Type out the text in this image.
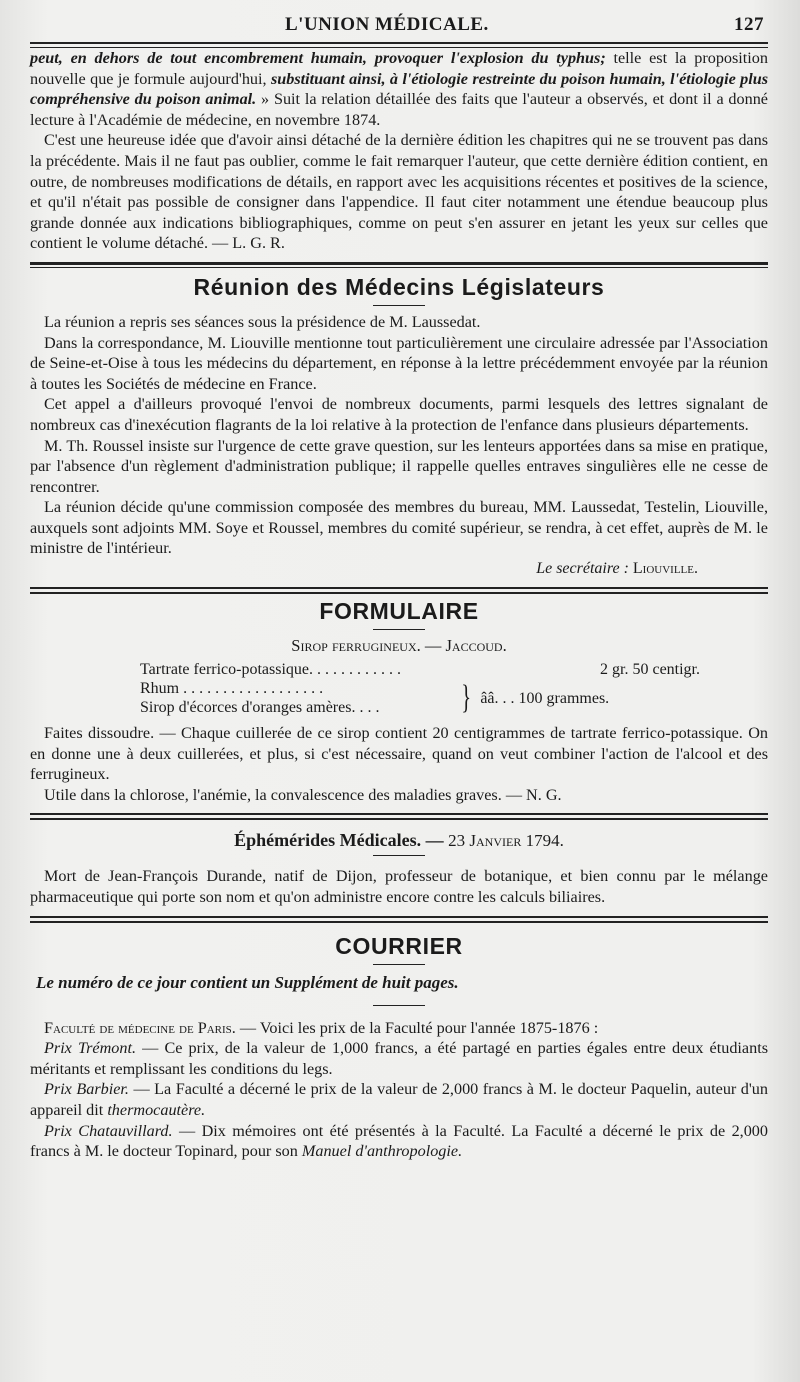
L'UNION MÉDICALE.	127

peut, en dehors de tout encombrement humain, provoquer l'explosion du typhus; telle est la proposition nouvelle que je formule aujourd'hui, substituant ainsi, à l'étiologie restreinte du poison humain, l'étiologie plus compréhensive du poison animal. » Suit la relation détaillée des faits que l'auteur a observés, et dont il a donné lecture à l'Académie de médecine, en novembre 1874.

C'est une heureuse idée que d'avoir ainsi détaché de la dernière édition les chapitres qui ne se trouvent pas dans la précédente. Mais il ne faut pas oublier, comme le fait remarquer l'auteur, que cette dernière édition contient, en outre, de nombreuses modifications de détails, en rapport avec les acquisitions récentes et positives de la science, et qu'il n'était pas possible de consigner dans l'appendice. Il faut citer notamment une étendue beaucoup plus grande donnée aux indications bibliographiques, comme on peut s'en assurer en jetant les yeux sur celles que contient le volume détaché. — L. G. R.

Réunion des Médecins Législateurs

La réunion a repris ses séances sous la présidence de M. Laussedat.

Dans la correspondance, M. Liouville mentionne tout particulièrement une circulaire adressée par l'Association de Seine-et-Oise à tous les médecins du département, en réponse à la lettre précédemment envoyée par la réunion à toutes les Sociétés de médecine en France.

Cet appel a d'ailleurs provoqué l'envoi de nombreux documents, parmi lesquels des lettres signalant de nombreux cas d'inexécution flagrants de la loi relative à la protection de l'enfance dans plusieurs départements.

M. Th. Roussel insiste sur l'urgence de cette grave question, sur les lenteurs apportées dans sa mise en pratique, par l'absence d'un règlement d'administration publique; il rappelle quelles entraves singulières elle ne cesse de rencontrer.

La réunion décide qu'une commission composée des membres du bureau, MM. Laussedat, Testelin, Liouville, auxquels sont adjoints MM. Soye et Roussel, membres du comité supérieur, se rendra, à cet effet, auprès de M. le ministre de l'intérieur.

Le secrétaire : Liouville.
FORMULAIRE
Sirop ferrugineux. — Jaccoud.
Tartrate ferrico-potassique. . . . . . . . . . . .	2 gr. 50 centigr.
Rhum . . . . . . . . . . . . . . . . . .
Sirop d'écorces d'oranges amères. . . .	} ââ. . . 100 grammes.

Faites dissoudre. — Chaque cuillerée de ce sirop contient 20 centigrammes de tartrate ferrico-potassique. On en donne une à deux cuillerées, et plus, si c'est nécessaire, quand on veut combiner l'action de l'alcool et des ferrugineux.

Utile dans la chlorose, l'anémie, la convalescence des maladies graves. — N. G.

Éphémérides Médicales. — 23 Janvier 1794.

Mort de Jean-François Durande, natif de Dijon, professeur de botanique, et bien connu par le mélange pharmaceutique qui porte son nom et qu'on administre encore contre les calculs biliaires.

COURRIER
Le numéro de ce jour contient un Supplément de huit pages.

Faculté de médecine de Paris. — Voici les prix de la Faculté pour l'année 1875-1876 :

Prix Trémont. — Ce prix, de la valeur de 1,000 francs, a été partagé en parties égales entre deux étudiants méritants et remplissant les conditions du legs.

Prix Barbier. — La Faculté a décerné le prix de la valeur de 2,000 francs à M. le docteur Paquelin, auteur d'un appareil dit thermocautère.

Prix Chatauvillard. — Dix mémoires ont été présentés à la Faculté. La Faculté a décerné le prix de 2,000 francs à M. le docteur Topinard, pour son Manuel d'anthropologie.
